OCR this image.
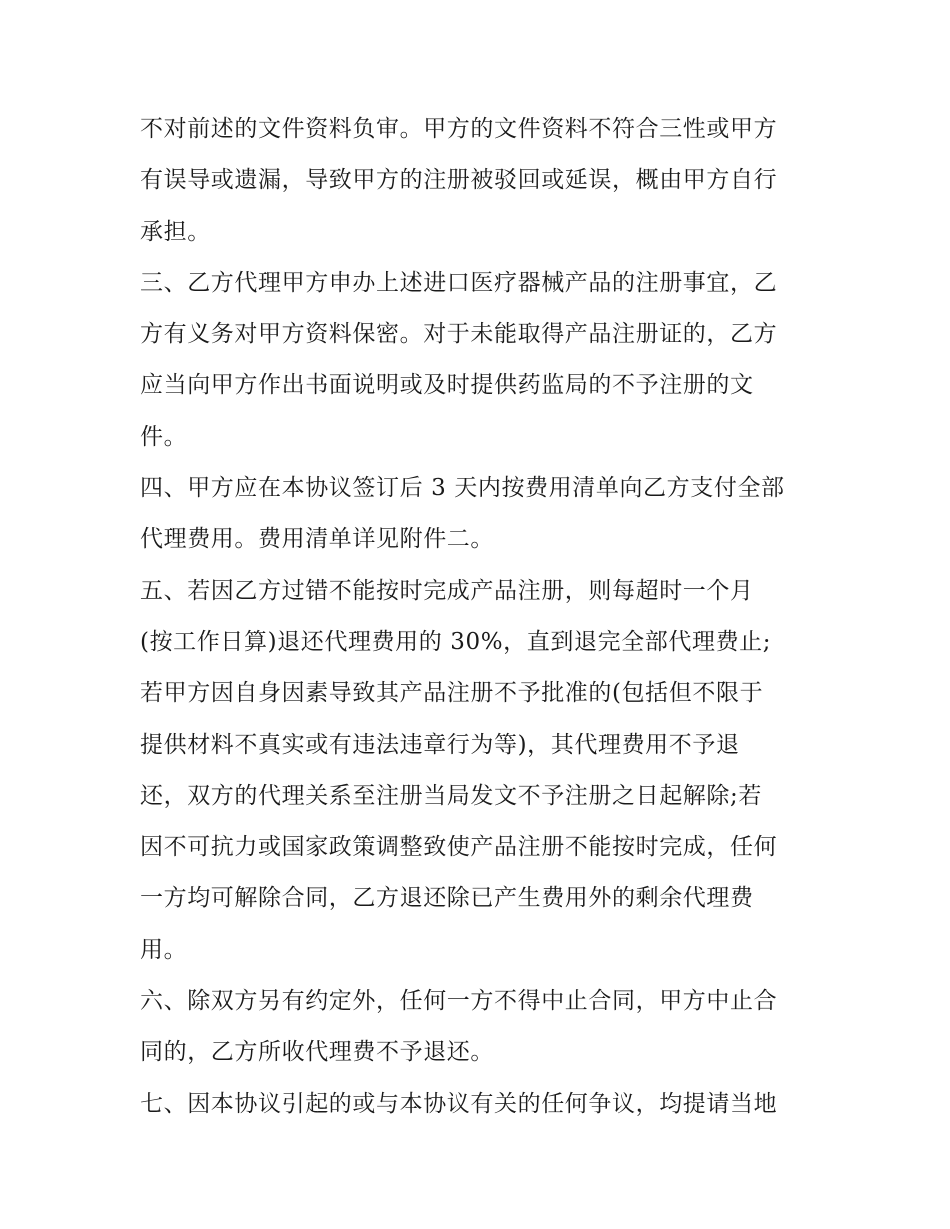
不对前述的文件资料负审。甲方的文件资料不符合三性或甲方
有误导或遗漏，导致甲方的注册被驳回或延误，概由甲方自行
承担。
三、乙方代理甲方申办上述进口医疗器械产品的注册事宜，乙
方有义务对甲方资料保密。对于未能取得产品注册证的，乙方
应当向甲方作出书面说明或及时提供药监局的不予注册的文
件。
四、甲方应在本协议签订后 3 天内按费用清单向乙方支付全部
代理费用。费用清单详见附件二。
五、若因乙方过错不能按时完成产品注册，则每超时一个月
(按工作日算)退还代理费用的 30%，直到退完全部代理费止;
若甲方因自身因素导致其产品注册不予批准的(包括但不限于
提供材料不真实或有违法违章行为等)，其代理费用不予退
还，双方的代理关系至注册当局发文不予注册之日起解除;若
因不可抗力或国家政策调整致使产品注册不能按时完成，任何
一方均可解除合同，乙方退还除已产生费用外的剩余代理费
用。
六、除双方另有约定外，任何一方不得中止合同，甲方中止合
同的，乙方所收代理费不予退还。
七、因本协议引起的或与本协议有关的任何争议，均提请当地
